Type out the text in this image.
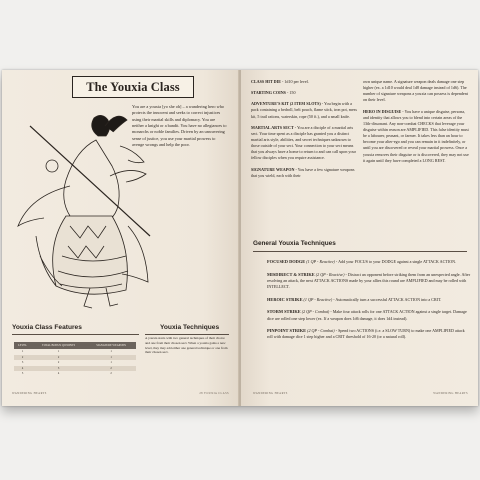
The Youxia Class

You are a youxia [yo she oh] – a wandering hero who protects the innocent and seeks to correct injustices using their martial skills and diplomacy. You are neither a knight or a bandit. You have no allegiances to monarchs or noble families. Driven by an unwavering sense of justice, you use your martial prowess to avenge wrongs and help the poor.

Youxia Class Features
LEVEL	TOTAL BONUS QI POINTS	SIGNATURE WEAPONS
1	1	1
2	2	1
3	2	1
4	3	2
5	4	2
Youxia Techniques

A youxia starts with two general techniques of their choice and one from their chosen sect. When a youxia gains a new level, they may add either one general technique or one from their chosen sect.

WANDERING HEARTS	28 YOUXIA CLASS

CLASS HIT DIE - 1d10 per level.

STARTING COINS - 150

ADVENTURE'S KIT (2 ITEM SLOTS) - You begin with a pack containing a bedroll, belt pouch, flame stick, iron pot, mess kit, 5 trail rations, waterskin, rope (50 ft.), and a small knife.

MARTIAL ARTS SECT - You are a disciple of a martial arts sect. Your time spent as a disciple has granted you a distinct martial arts style, abilities, and secret techniques unknown to those outside of your sect. Your connection to your sect means that you always have a home to return to and can call upon your fellow disciples when you require assistance.

SIGNATURE WEAPON - You have a few signature weapons that you wield, each with their

own unique name. A signature weapon deals damage one step higher (ex. a 1d10 would deal 1d8 damage instead of 1d6). The number of signature weapons a youxia can possess is dependent on their level.

HERO IN DISGUISE - You have a unique disguise, persona, and identity that allows you to blend into certain areas of the 13th-dissonant. Any non-combat CHECKS that leverage your disguise within reason are AMPLIFIED. This false identity must be a labourer, peasant, or farmer. It takes less than an hour to become your alter-ego and you can remain in it indefinitely, or until you are discovered or reveal your martial prowess. Once a youxia removes their disguise or is discovered, they may not use it again until they have completed a LONG REST.

General Youxia Techniques

FOCUSED DODGE (1 QP - Reactive) - Add your FOCUS to your DODGE against a single ATTACK ACTION.

MISDIRECT & STRIKE (2 QP - Reactive) - Distract an opponent before striking them from an unexpected angle. After resolving an attack, the next ATTACK ACTIONS made by your allies this round are AMPLIFIED and may be rolled with INTELLECT.

HEROIC STRIKE (1 QP - Reactive) - Automatically turn a successful ATTACK ACTION into a CRIT.

STORM STRIKE (2 QP - Combat) - Make four attack rolls for one ATTACK ACTION against a single target. Damage dice are rolled one step lower (ex. If a weapon does 1d6 damage, it does 1d4 instead).

PINPOINT STRIKE (2 QP - Combat) - Spend two ACTIONS (i.e. a SLOW TURN) to make one AMPLIFIED attack roll with damage dice 1 step higher and a CRIT threshold of 16-20 (or a natural roll).

WANDERING HEARTS	WANDERING HEARTS
